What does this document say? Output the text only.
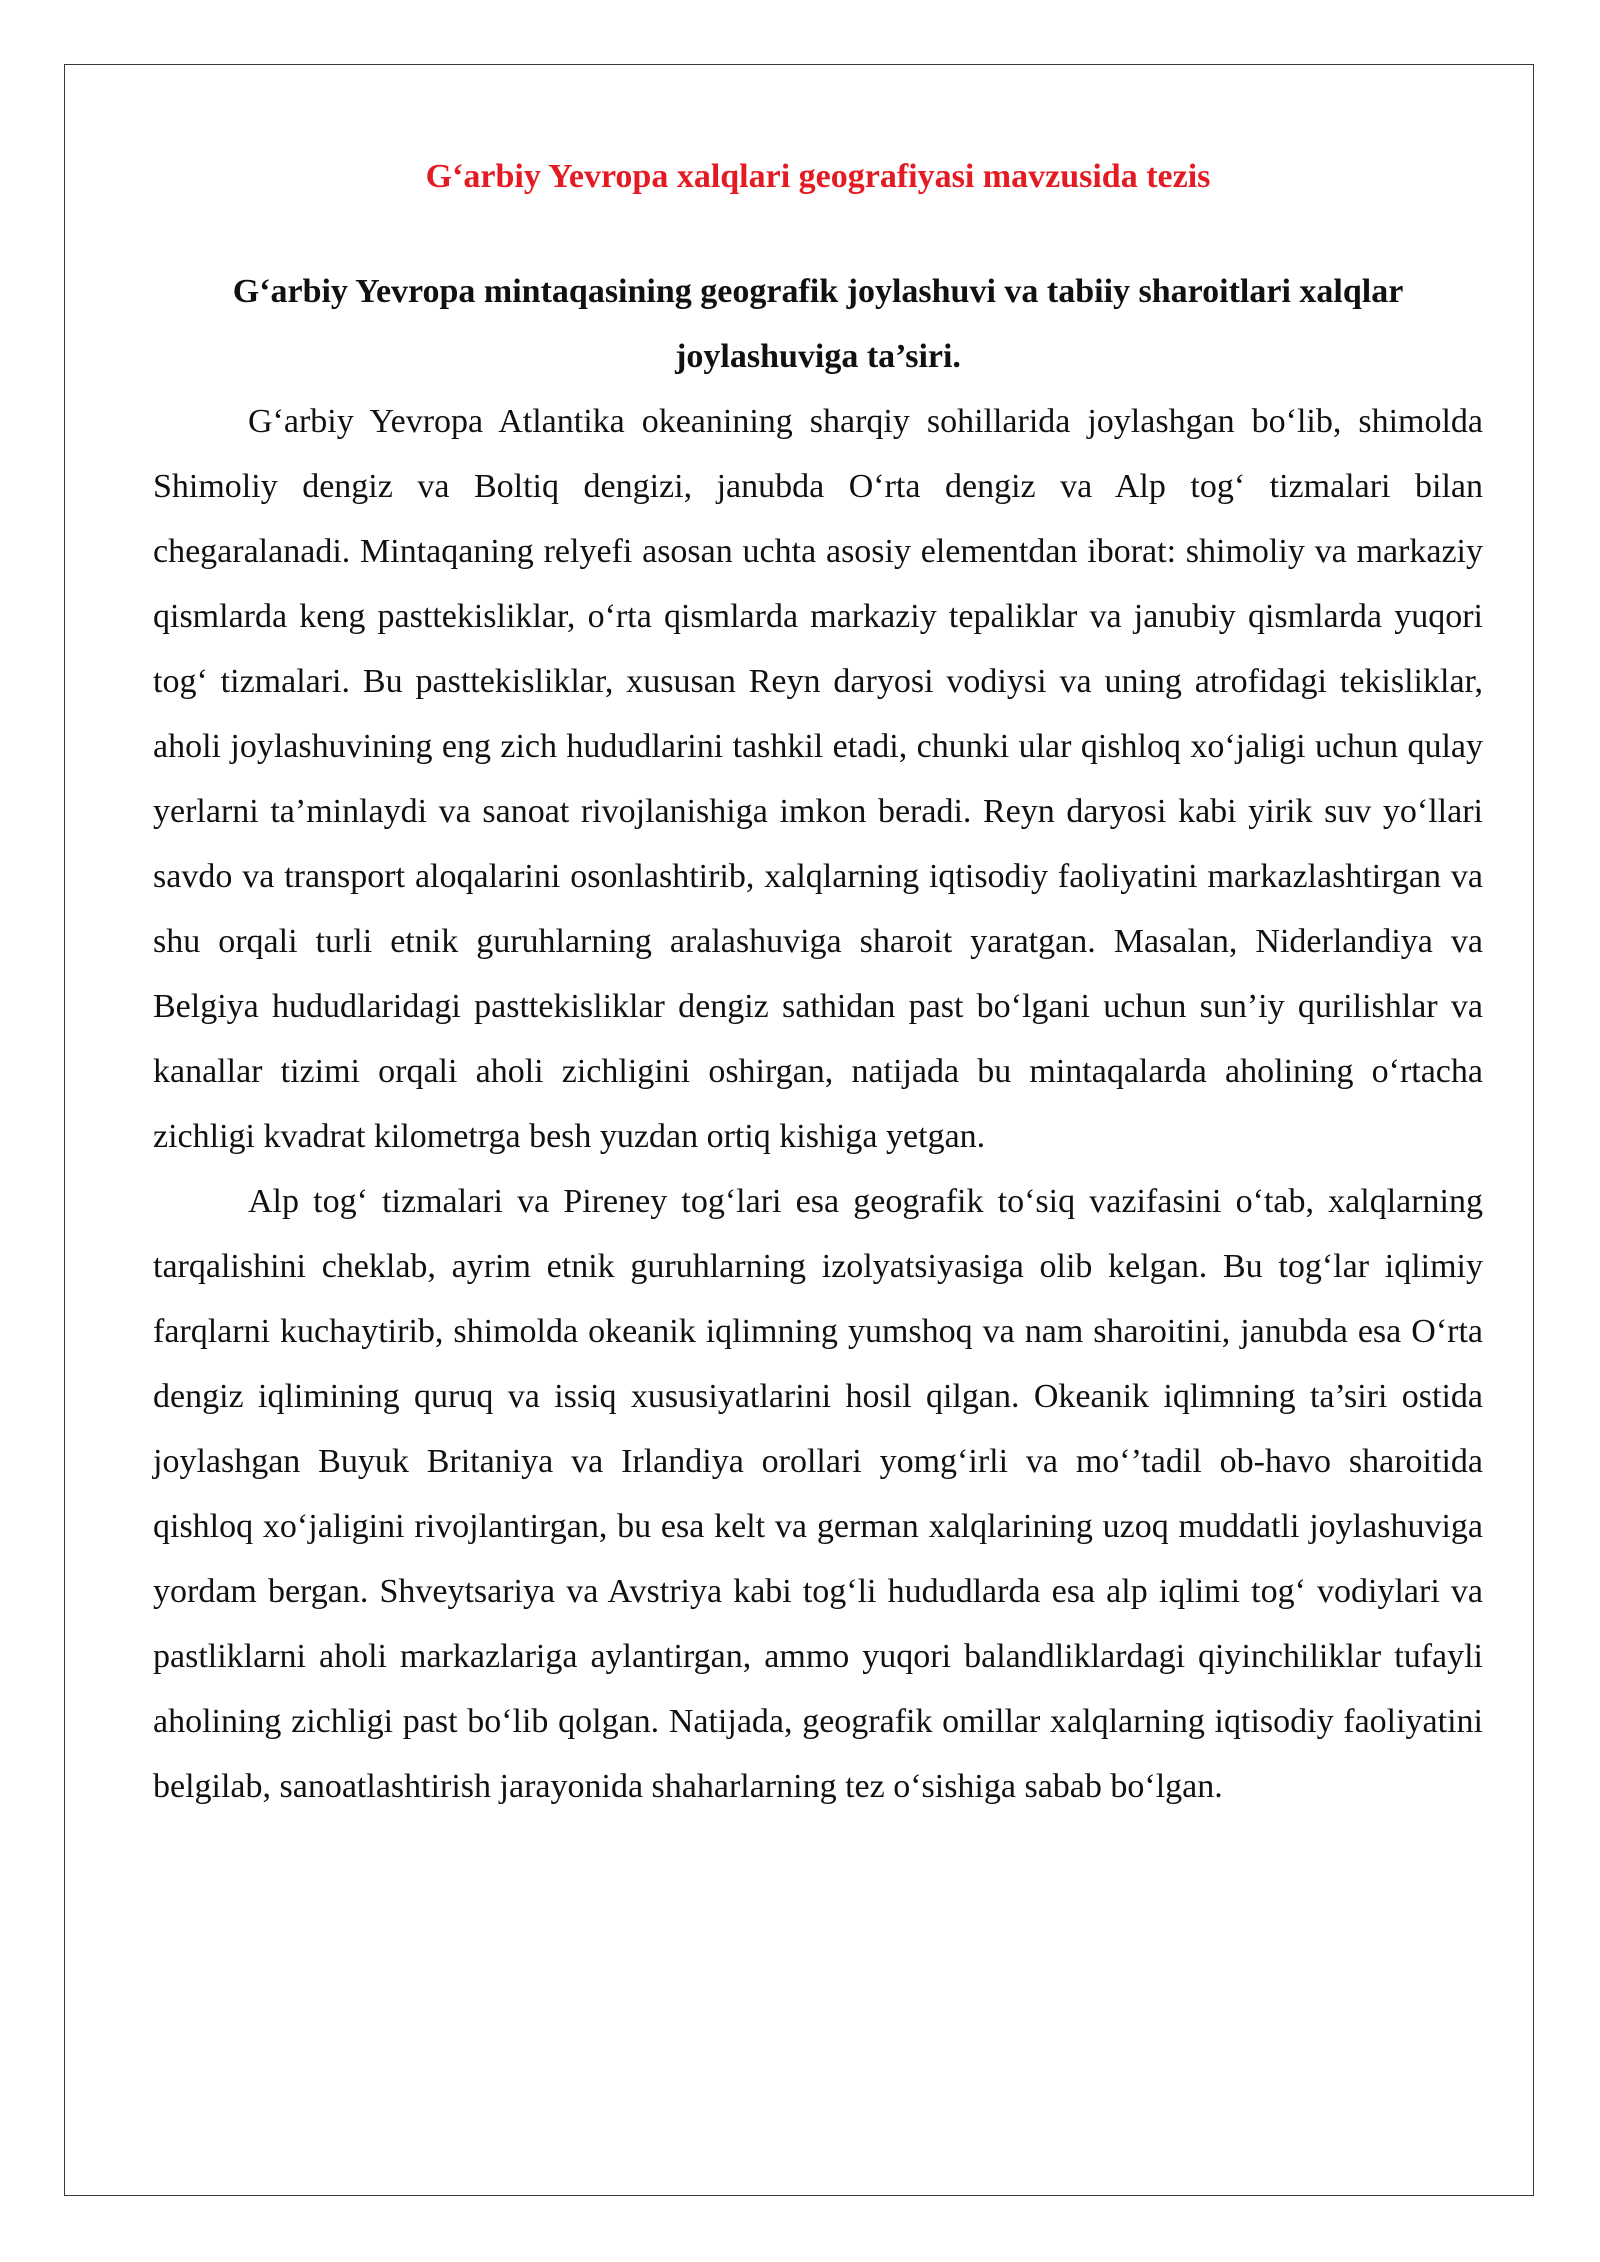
G‘arbiy Yevropa xalqlari geografiyasi mavzusida tezis
G‘arbiy Yevropa mintaqasining geografik joylashuvi va tabiiy sharoitlari xalqlar joylashuviga ta’siri.

G‘arbiy Yevropa Atlantika okeanining sharqiy sohillarida joylashgan bo‘lib, shimolda Shimoliy dengiz va Boltiq dengizi, janubda O‘rta dengiz va Alp tog‘ tizmalari bilan chegaralanadi. Mintaqaning relyefi asosan uchta asosiy elementdan iborat: shimoliy va markaziy qismlarda keng pasttekisliklar, o‘rta qismlarda markaziy tepaliklar va janubiy qismlarda yuqori tog‘ tizmalari. Bu pasttekisliklar, xususan Reyn daryosi vodiysi va uning atrofidagi tekisliklar, aholi joylashuvining eng zich hududlarini tashkil etadi, chunki ular qishloq xo‘jaligi uchun qulay yerlarni ta’minlaydi va sanoat rivojlanishiga imkon beradi. Reyn daryosi kabi yirik suv yo‘llari savdo va transport aloqalarini osonlashtirib, xalqlarning iqtisodiy faoliyatini markazlashtirgan va shu orqali turli etnik guruhlarning aralashuviga sharoit yaratgan. Masalan, Niderlandiya va Belgiya hududlaridagi pasttekisliklar dengiz sathidan past bo‘lgani uchun sun’iy qurilishlar va kanallar tizimi orqali aholi zichligini oshirgan, natijada bu mintaqalarda aholining o‘rtacha zichligi kvadrat kilometrga besh yuzdan ortiq kishiga yetgan.

Alp tog‘ tizmalari va Pireney tog‘lari esa geografik to‘siq vazifasini o‘tab, xalqlarning tarqalishini cheklab, ayrim etnik guruhlarning izolyatsiyasiga olib kelgan. Bu tog‘lar iqlimiy farqlarni kuchaytirib, shimolda okeanik iqlimning yumshoq va nam sharoitini, janubda esa O‘rta dengiz iqlimining quruq va issiq xususiyatlarini hosil qilgan. Okeanik iqlimning ta’siri ostida joylashgan Buyuk Britaniya va Irlandiya orollari yomg‘irli va mo‘’tadil ob-havo sharoitida qishloq xo‘jaligini rivojlantirgan, bu esa kelt va german xalqlarining uzoq muddatli joylashuviga yordam bergan. Shveytsariya va Avstriya kabi tog‘li hududlarda esa alp iqlimi tog‘ vodiylari va pastliklarni aholi markazlariga aylantirgan, ammo yuqori balandliklardagi qiyinchiliklar tufayli aholining zichligi past bo‘lib qolgan. Natijada, geografik omillar xalqlarning iqtisodiy faoliyatini belgilab, sanoatlashtirish jarayonida shaharlarning tez o‘sishiga sabab bo‘lgan.
